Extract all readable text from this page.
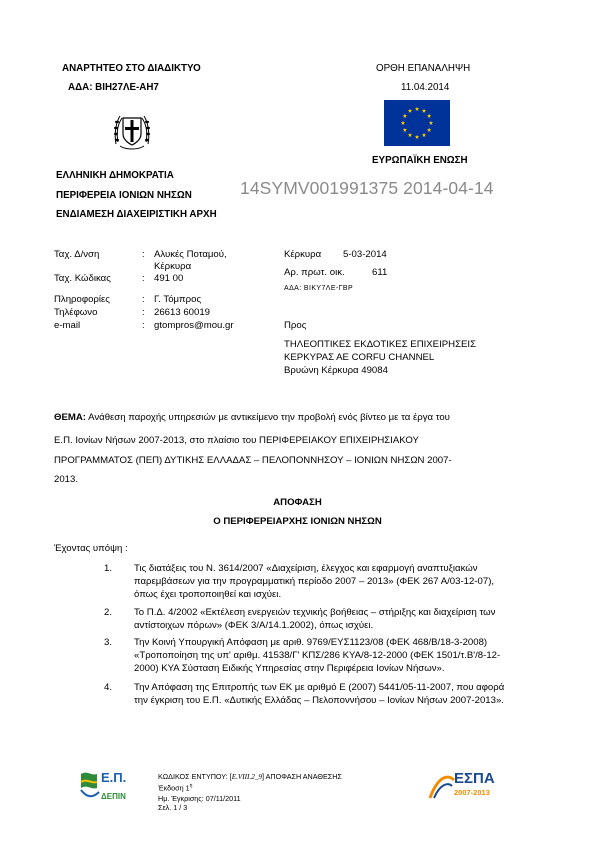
ΑΝΑΡΤΗΤΕΟ ΣΤΟ ΔΙΑΔΙΚΤΥΟ
ΑΔΑ: ΒΙΗ27ΛΕ-ΑΗ7
ΕΛΛΗΝΙΚΗ ΔΗΜΟΚΡΑΤΙΑ
ΠΕΡΙΦΕΡΕΙΑ ΙΟΝΙΩΝ ΝΗΣΩΝ
ΕΝΔΙΑΜΕΣΗ ΔΙΑΧΕΙΡΙΣΤΙΚΗ ΑΡΧΗ
ΟΡΘΗ ΕΠΑΝΑΛΗΨΗ
11.04.2014
ΕΥΡΩΠΑΪΚΗ ΕΝΩΣΗ
14SYMV001991375 2014-04-14
Ταχ. Δ/νση	: Αλυκές Ποταμού,
Κέρκυρα
Ταχ. Κώδικας	: 491 00
Πληροφορίες	: Γ. Τόμπρος
Τηλέφωνο	: 26613 60019
e-mail	: gtompros@mou.gr
Κέρκυρα 5-03-2014
Αρ. πρωτ. οικ.	611
ΑΔΑ: ΒΙΚΥ7ΛΕ-ΓΒΡ
Προς
ΤΗΛΕΟΠΤΙΚΕΣ ΕΚΔΟΤΙΚΕΣ ΕΠΙΧΕΙΡΗΣΕΙΣ
ΚΕΡΚΥΡΑΣ ΑΕ CORFU CHANNEL
Βρυώνη Κέρκυρα 49084
ΘΕΜΑ: Ανάθεση παροχής υπηρεσιών με αντικείμενο την προβολή ενός βίντεο με τα έργα του
Ε.Π. Ιονίων Νήσων 2007-2013, στο πλαίσιο του ΠΕΡΙΦΕΡΕΙΑΚΟΥ ΕΠΙΧΕΙΡΗΣΙΑΚΟΥ
ΠΡΟΓΡΑΜΜΑΤΟΣ (ΠΕΠ) ΔΥΤΙΚΗΣ ΕΛΛΑΔΑΣ – ΠΕΛΟΠΟΝΝΗΣΟΥ – ΙΟΝΙΩΝ ΝΗΣΩΝ 2007-
2013.
ΑΠΟΦΑΣΗ
Ο ΠΕΡΙΦΕΡΕΙΑΡΧΗΣ ΙΟΝΙΩΝ ΝΗΣΩΝ
Έχοντας υπόψη :
1. Τις διατάξεις του Ν. 3614/2007 «Διαχείριση, έλεγχος και εφαρμογή αναπτυξιακών
παρεμβάσεων για την προγραμματική περίοδο 2007 – 2013» (ΦΕΚ 267 Α/03-12-07),
όπως έχει τροποποιηθεί και ισχύει.
2. Το Π.Δ. 4/2002 «Εκτέλεση ενεργειών τεχνικής βοήθειας – στήριξης και διαχείριση των
αντίστοιχων πόρων» (ΦΕΚ 3/Α/14.1.2002), όπως ισχύει.
3. Την Κοινή Υπουργική Απόφαση με αριθ. 9769/ΕΥΣ1123/08 (ΦΕΚ 468/Β/18-3-2008)
«Τροποποίηση της υπ' αριθμ. 41538/Γ' ΚΠΣ/286 ΚΥΑ/8-12-2000 (ΦΕΚ 1501/τ.Β'/8-12-
2000) ΚΥΑ Σύσταση Ειδικής Υπηρεσίας στην Περιφέρεια Ιονίων Νήσων».
4. Την Απόφαση της Επιτροπής των ΕΚ με αριθμό Ε (2007) 5441/05-11-2007, που αφορά
την έγκριση του Ε.Π. «Δυτικής Ελλάδας – Πελοποννήσου – Ιονίων Νήσων 2007-2013».
Ε.Π.
ΔΕΠΙΝ
ΚΩΔΙΚΟΣ ΕΝΤΥΠΟΥ: [E.VIII.2_9] ΑΠΟΦΑΣΗ ΑΝΑΘΕΣΗΣ
Έκδοση $1^\eta$
Ημ. Έγκρισης: 07/11/2011
Σελ. 1 / 3
ΕΣΠΑ
2007-2013
